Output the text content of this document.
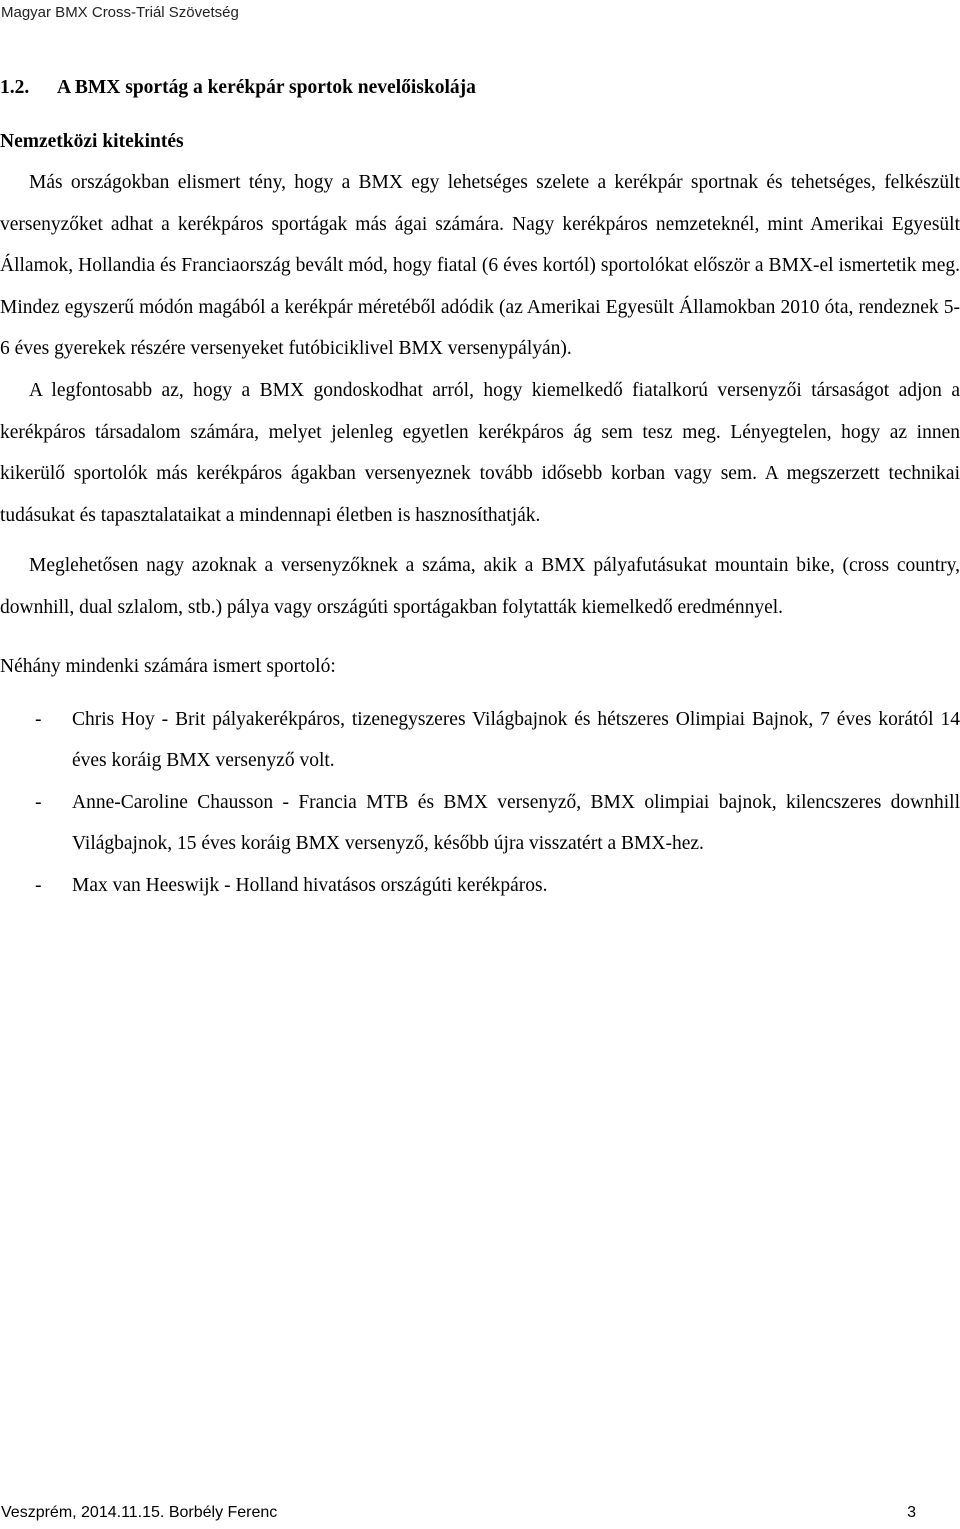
Magyar BMX Cross-Triál Szövetség
1.2. A BMX sportág a kerékpár sportok nevelőiskolája
Nemzetközi kitekintés

Más országokban elismert tény, hogy a BMX egy lehetséges szelete a kerékpár sportnak és tehetséges, felkészült versenyzőket adhat a kerékpáros sportágak más ágai számára. Nagy kerékpáros nemzeteknél, mint Amerikai Egyesült Államok, Hollandia és Franciaország bevált mód, hogy fiatal (6 éves kortól) sportolókat először a BMX-el ismertetik meg. Mindez egyszerű módón magából a kerékpár méretéből adódik (az Amerikai Egyesült Államokban 2010 óta, rendeznek 5-6 éves gyerekek részére versenyeket futóbiciklivel BMX versenypályán).

A legfontosabb az, hogy a BMX gondoskodhat arról, hogy kiemelkedő fiatalkorú versenyzői társaságot adjon a kerékpáros társadalom számára, melyet jelenleg egyetlen kerékpáros ág sem tesz meg. Lényegtelen, hogy az innen kikerülő sportolók más kerékpáros ágakban versenyeznek tovább idősebb korban vagy sem. A megszerzett technikai tudásukat és tapasztalataikat a mindennapi életben is hasznosíthatják.

Meglehetősen nagy azoknak a versenyzőknek a száma, akik a BMX pályafutásukat mountain bike, (cross country, downhill, dual szlalom, stb.) pálya vagy országúti sportágakban folytatták kiemelkedő eredménnyel.

Néhány mindenki számára ismert sportoló:
- Chris Hoy - Brit pályakerékpáros, tizenegyszeres Világbajnok és hétszeres Olimpiai Bajnok, 7 éves korától 14 éves koráig BMX versenyző volt.
- Anne-Caroline Chausson - Francia MTB és BMX versenyző, BMX olimpiai bajnok, kilencszeres downhill Világbajnok, 15 éves koráig BMX versenyző, később újra visszatért a BMX-hez.
- Max van Heeswijk - Holland hivatásos országúti kerékpáros.
Veszprém, 2014.11.15. Borbély Ferenc	3
